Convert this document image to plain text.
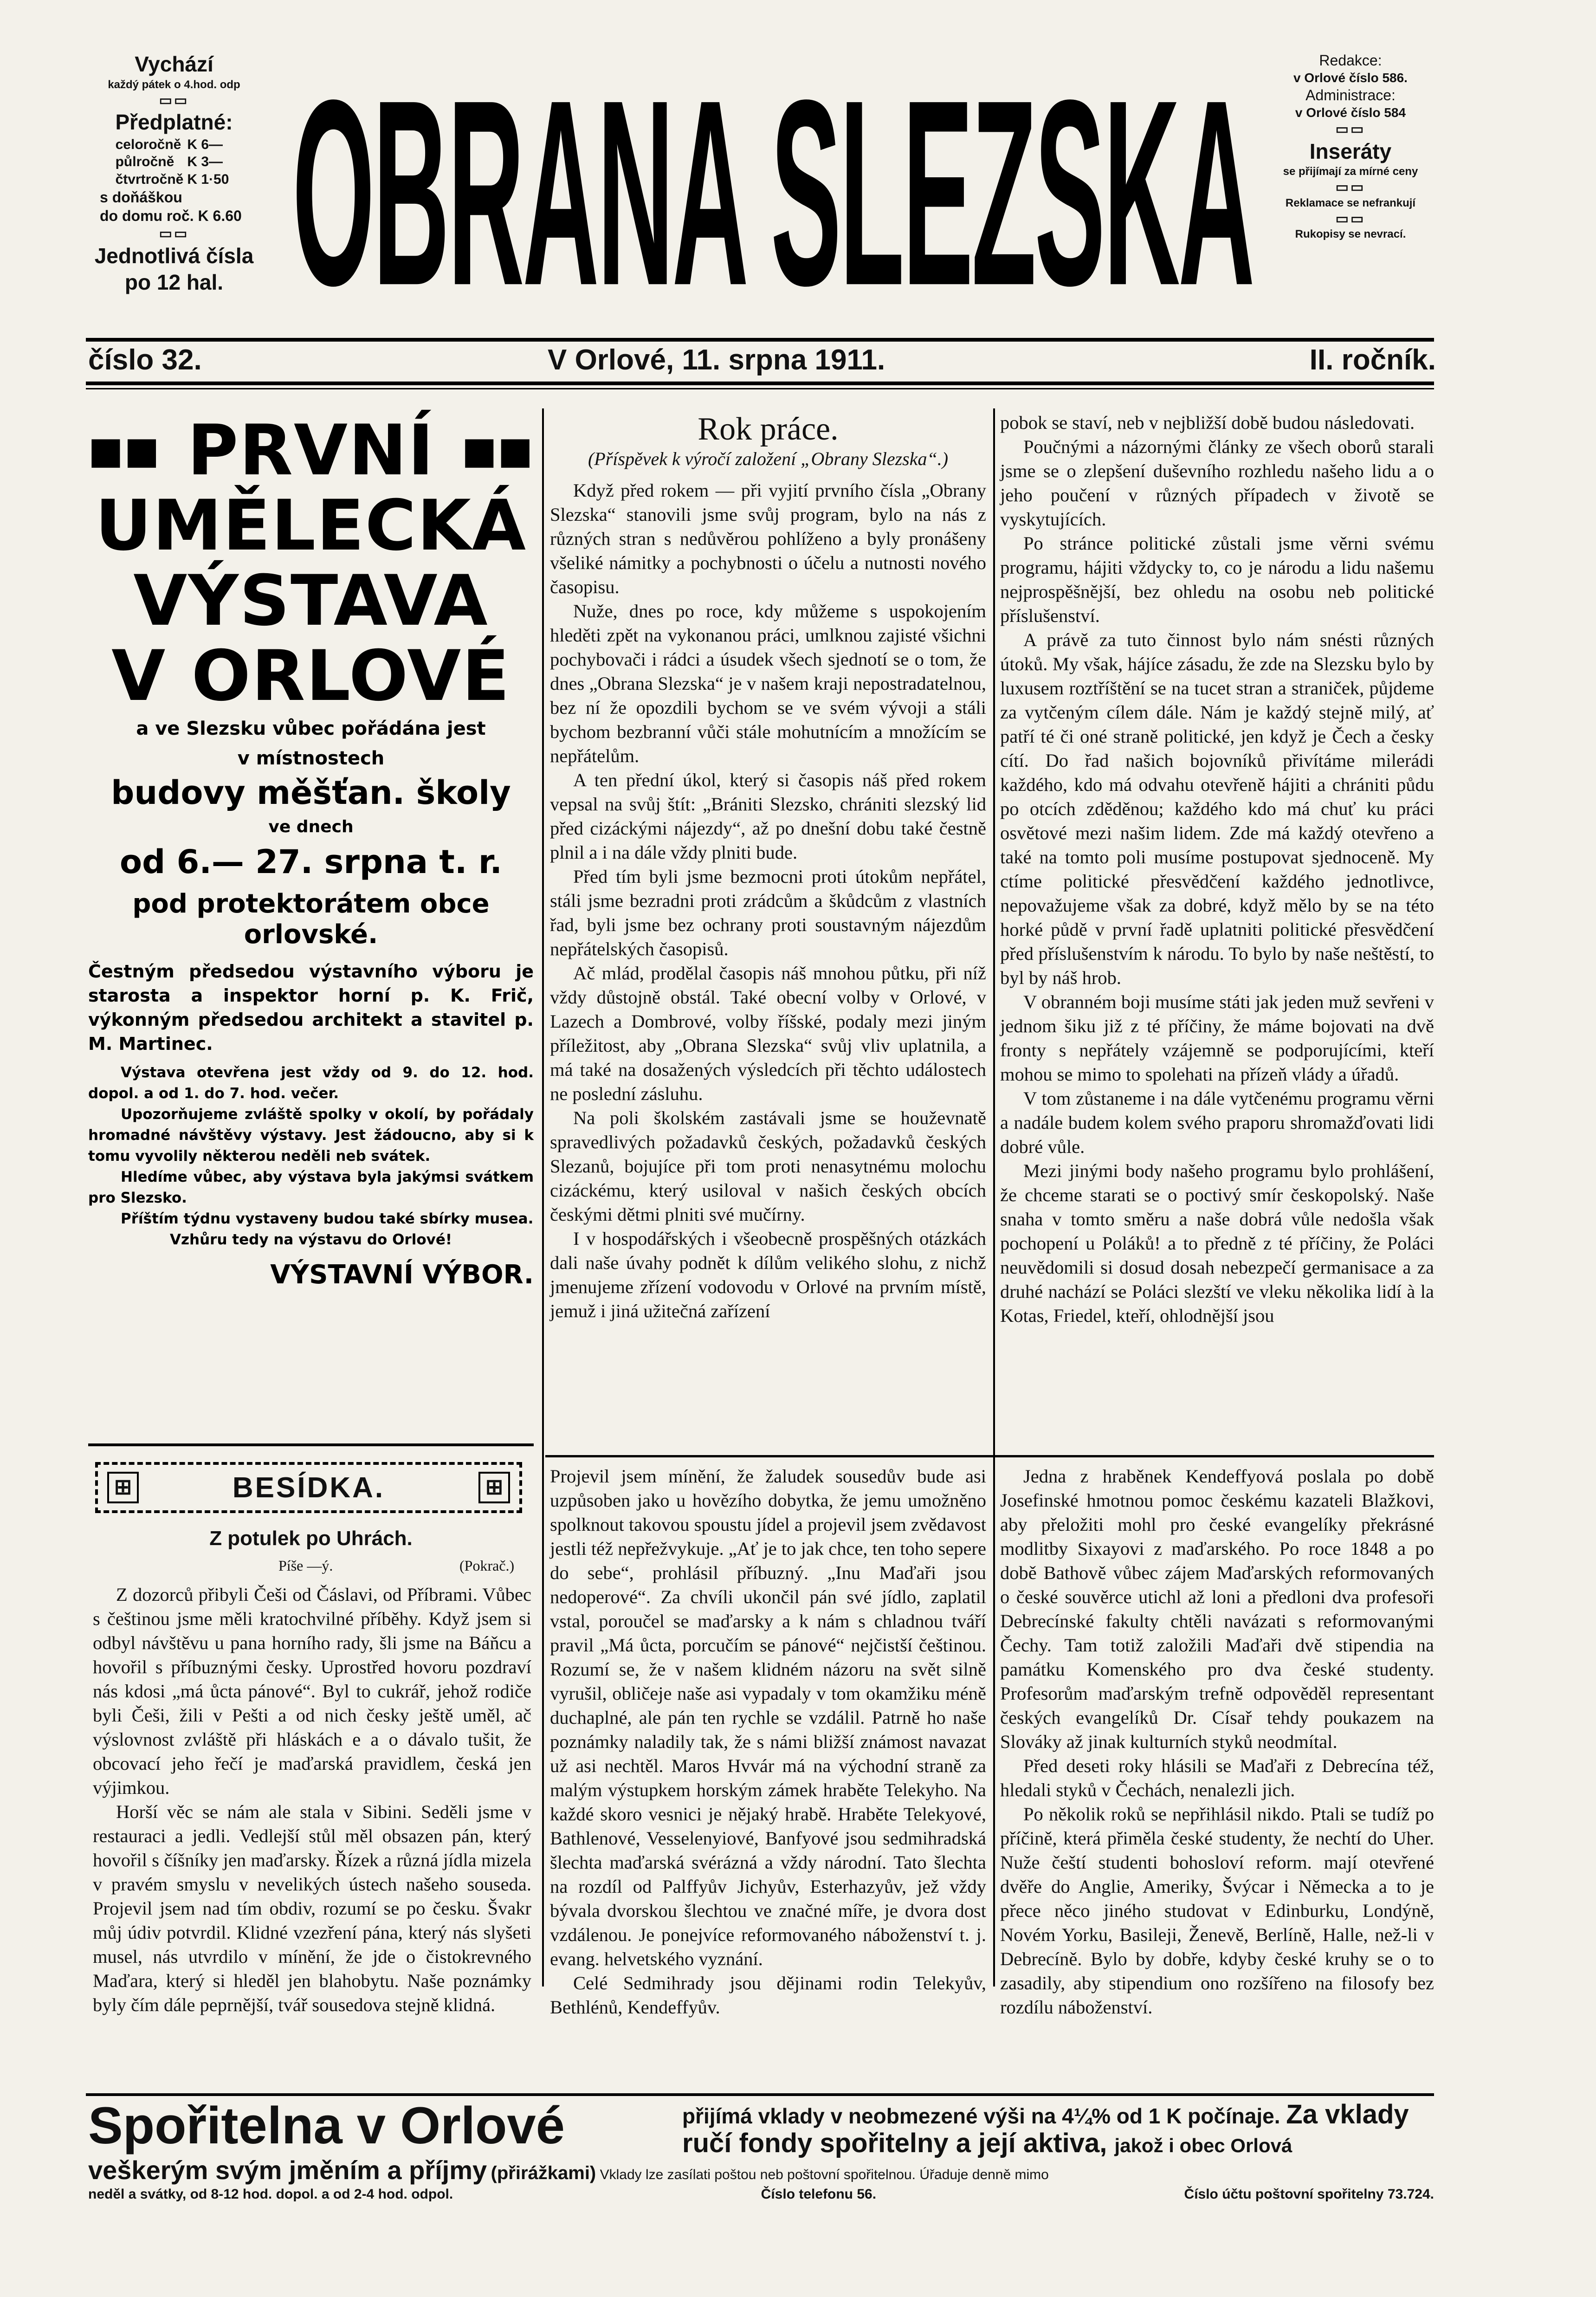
Vychází
každý pátek o 4.hod. odp
▭▭
Předplatné:
celoročně	K 6—
půlročně	K 3—
čtvrtročně	K 1·50
s doňáškou
do domu roč. K 6.60
▭▭
Jednotlivá čísla
po 12 hal. OBRANA SLEZSKA	Redakce:
v Orlové číslo 586.
Administrace:
v Orlové číslo 584
▭▭
Inseráty
se přijímají za mírné ceny
▭▭
Reklamace se nefrankují
▭▭
Rukopisy se nevrací.
číslo 32.	V Orlové, 11. srpna 1911.	II. ročník.
■■ PRVNÍ ■■
UMĚLECKÁ
VÝSTAVA
V ORLOVÉ
a ve Slezsku vůbec pořádána jest
v místnostech
budovy měšťan. školy
ve dnech
od 6.— 27. srpna t. r.
pod protektorátem obce orlovské.
Čestným předsedou výstavního výboru je starosta a inspektor horní p. K. Frič, výkonným předsedou architekt a stavitel p. M. Martinec.
Výstava otevřena jest vždy od 9. do 12. hod. dopol. a od 1. do 7. hod. večer.
Upozorňujeme zvláště spolky v okolí, by pořádaly hromadné návštěvy výstavy. Jest žádoucno, aby si k tomu vyvolily některou neděli neb svátek.
Hledíme vůbec, aby výstava byla jakýmsi svátkem pro Slezsko.
Příštím týdnu vystaveny budou také sbírky musea.
Vzhůru tedy na výstavu do Orlové!
VÝSTAVNÍ VÝBOR.
⊞	BESÍDKA.	⊞
Z potulek po Uhrách.
Píše —ý.	(Pokrač.)

Z dozorců přibyli Češi od Čáslavi, od Příbrami. Vůbec s češtinou jsme měli kratochvilné příběhy. Když jsem si odbyl návštěvu u pana horního rady, šli jsme na Báňcu a hovořil s příbuznými česky. Uprostřed hovoru pozdraví nás kdosi „má ůcta pánové“. Byl to cukrář, jehož rodiče byli Češi, žili v Pešti a od nich česky ještě uměl, ač výslovnost zvláště při hláskách e a o dávalo tušit, že obcovací jeho řečí je maďarská pravidlem, česká jen výjimkou.

Horší věc se nám ale stala v Sibini. Seděli jsme v restauraci a jedli. Vedlejší stůl měl obsazen pán, který hovořil s číšníky jen maďarsky. Řízek a různá jídla mizela v pravém smyslu v nevelikých ústech našeho souseda. Projevil jsem nad tím obdiv, rozumí se po česku. Švakr můj údiv potvrdil. Klidné vzezření pána, který nás slyšeti musel, nás utvrdilo v mínění, že jde o čistokrevného Maďara, který si hleděl jen blahobytu. Naše poznámky byly čím dále peprnější, tvář sousedova stejně klidná.

Rok práce.
(Příspěvek k výročí založení „Obrany Slezska“.)

Když před rokem — při vyjití prvního čísla „Obrany Slezska“ stanovili jsme svůj program, bylo na nás z různých stran s nedůvěrou pohlíženo a byly pronášeny všeliké námitky a pochybnosti o účelu a nutnosti nového časopisu.

Nuže, dnes po roce, kdy můžeme s uspokojením hleděti zpět na vykonanou práci, umlknou zajisté všichni pochybovači i rádci a úsudek všech sjednotí se o tom, že dnes „Obrana Slezska“ je v našem kraji nepostradatelnou, bez ní že opozdili bychom se ve svém vývoji a stáli bychom bezbranní vůči stále mohutnícím a množícím se nepřátelům.

A ten přední úkol, který si časopis náš před rokem vepsal na svůj štít: „Brániti Slezsko, chrániti slezský lid před cizáckými nájezdy“, až po dnešní dobu také čestně plnil a i na dále vždy plniti bude.

Před tím byli jsme bezmocni proti útokům nepřátel, stáli jsme bezradni proti zrádcům a škůdcům z vlastních řad, byli jsme bez ochrany proti soustavným nájezdům nepřátelských časopisů.

Ač mlád, prodělal časopis náš mnohou půtku, při níž vždy důstojně obstál. Také obecní volby v Orlové, v Lazech a Dombrové, volby říšské, podaly mezi jiným příležitost, aby „Obrana Slezska“ svůj vliv uplatnila, a má také na dosažených výsledcích při těchto událostech ne poslední zásluhu.

Na poli školském zastávali jsme se houževnatě spravedlivých požadavků českých, požadavků českých Slezanů, bojujíce při tom proti nenasytnému molochu cizáckému, který usiloval v našich českých obcích českými dětmi plniti své mučírny.

I v hospodářských i všeobecně prospěšných otázkách dali naše úvahy podnět k dílům velikého slohu, z nichž jmenujeme zřízení vodovodu v Orlové na prvním místě, jemuž i jiná užitečná zařízení

pobok se staví, neb v nejbližší době budou následovati.

Poučnými a názornými články ze všech oborů starali jsme se o zlepšení duševního rozhledu našeho lidu a o jeho poučení v různých případech v životě se vyskytujících.

Po stránce politické zůstali jsme věrni svému programu, hájiti vždycky to, co je národu a lidu našemu nejprospěšnější, bez ohledu na osobu neb politické příslušenství.

A právě za tuto činnost bylo nám snésti různých útoků. My však, hájíce zásadu, že zde na Slezsku bylo by luxusem roztříštění se na tucet stran a straniček, půjdeme za vytčeným cílem dále. Nám je každý stejně milý, ať patří té či oné straně politické, jen když je Čech a česky cítí. Do řad našich bojovníků přivítáme milerádi každého, kdo má odvahu otevřeně hájiti a chrániti půdu po otcích zděděnou; každého kdo má chuť ku práci osvětové mezi našim lidem. Zde má každý otevřeno a také na tomto poli musíme postupovat sjednoceně. My ctíme politické přesvědčení každého jednotlivce, nepovažujeme však za dobré, když mělo by se na této horké půdě v první řadě uplatniti politické přesvědčení před příslušenstvím k národu. To bylo by naše neštěstí, to byl by náš hrob.

V obranném boji musíme státi jak jeden muž sevřeni v jednom šiku již z té příčiny, že máme bojovati na dvě fronty s nepřátely vzájemně se podporujícími, kteří mohou se mimo to spolehati na přízeň vlády a úřadů.

V tom zůstaneme i na dále vytčenému programu věrni a nadále budem kolem svého praporu shromažďovati lidi dobré vůle.

Mezi jinými body našeho programu bylo prohlášení, že chceme starati se o poctivý smír českopolský. Naše snaha v tomto směru a naše dobrá vůle nedošla však pochopení u Poláků! a to předně z té příčiny, že Poláci neuvědomili si dosud dosah nebezpečí germanisace a za druhé nachází se Poláci slezští ve vleku několika lidí à la Kotas, Friedel, kteří, ohlodnější jsou

Projevil jsem mínění, že žaludek sousedův bude asi uzpůsoben jako u hovězího dobytka, že jemu umožněno spolknout takovou spoustu jídel a projevil jsem zvědavost jestli též nepřežvykuje. „Ať je to jak chce, ten toho sepere do sebe“, prohlásil příbuzný. „Inu Maďaři jsou nedoperové“. Za chvíli ukončil pán své jídlo, zaplatil vstal, poroučel se maďarsky a k nám s chladnou tváří pravil „Má ůcta, porcučím se pánové“ nejčistší češtinou. Rozumí se, že v našem klidném názoru na svět silně vyrušil, obličeje naše asi vypadaly v tom okamžiku méně duchaplné, ale pán ten rychle se vzdálil. Patrně ho naše poznámky naladily tak, že s námi bližší známost navazat už asi nechtěl. Maros Hvvár má na východní straně za malým výstupkem horským zámek hraběte Telekyho. Na každé skoro vesnici je nějaký hrabě. Hraběte Telekyové, Bathlenové, Vesselenyiové, Banfyové jsou sedmihradská šlechta maďarská svérázná a vždy národní. Tato šlechta na rozdíl od Palffyův Jichyův, Esterhazyův, jež vždy bývala dvorskou šlechtou ve značné míře, je dvora dost vzdálenou. Je ponejvíce reformovaného náboženství t. j. evang. helvetského vyznání.

Celé Sedmihrady jsou dějinami rodin Telekyův, Bethlénů, Kendeffyův.

Jedna z hraběnek Kendeffyová poslala po době Josefinské hmotnou pomoc českému kazateli Blažkovi, aby přeložiti mohl pro české evangelíky překrásné modlitby Sixayovi z maďarského. Po roce 1848 a po době Bathově vůbec zájem Maďarských reformovaných o české souvěrce utichl až loni a předloni dva profesoři Debrecínské fakulty chtěli navázati s reformovanými Čechy. Tam totiž založili Maďaři dvě stipendia na památku Komenského pro dva české studenty. Profesorům maďarským trefně odpověděl representant českých evangelíků Dr. Císař tehdy poukazem na Slováky až jinak kulturních styků neodmítal.

Před deseti roky hlásili se Maďaři z Debrecína též, hledali styků v Čechách, nenalezli jich.

Po několik roků se nepřihlásil nikdo. Ptali se tudíž po příčině, která přiměla české studenty, že nechtí do Uher. Nuže čeští studenti bohosloví reform. mají otevřené dvěře do Anglie, Ameriky, Švýcar i Německa a to je přece něco jiného studovat v Edinburku, Londýně, Novém Yorku, Basileji, Ženevě, Berlíně, Halle, než-li v Debrecíně. Bylo by dobře, kdyby české kruhy se o to zasadily, aby stipendium ono rozšířeno na filosofy bez rozdílu náboženství.

Spořitelna v Orlové	přijímá vklady v neobmezené výši na 4¼% od 1 K počínaje. Za vklady
ručí fondy spořitelny a její aktiva, jakož i obec Orlová
veškerým svým jměním a příjmy (přirážkami) Vklady lze zasílati poštou neb poštovní spořitelnou. Úřaduje denně mimo
neděl a svátky, od 8-12 hod. dopol. a od 2-4 hod. odpol.	Číslo telefonu 56.	Číslo účtu poštovní spořitelny 73.724.
